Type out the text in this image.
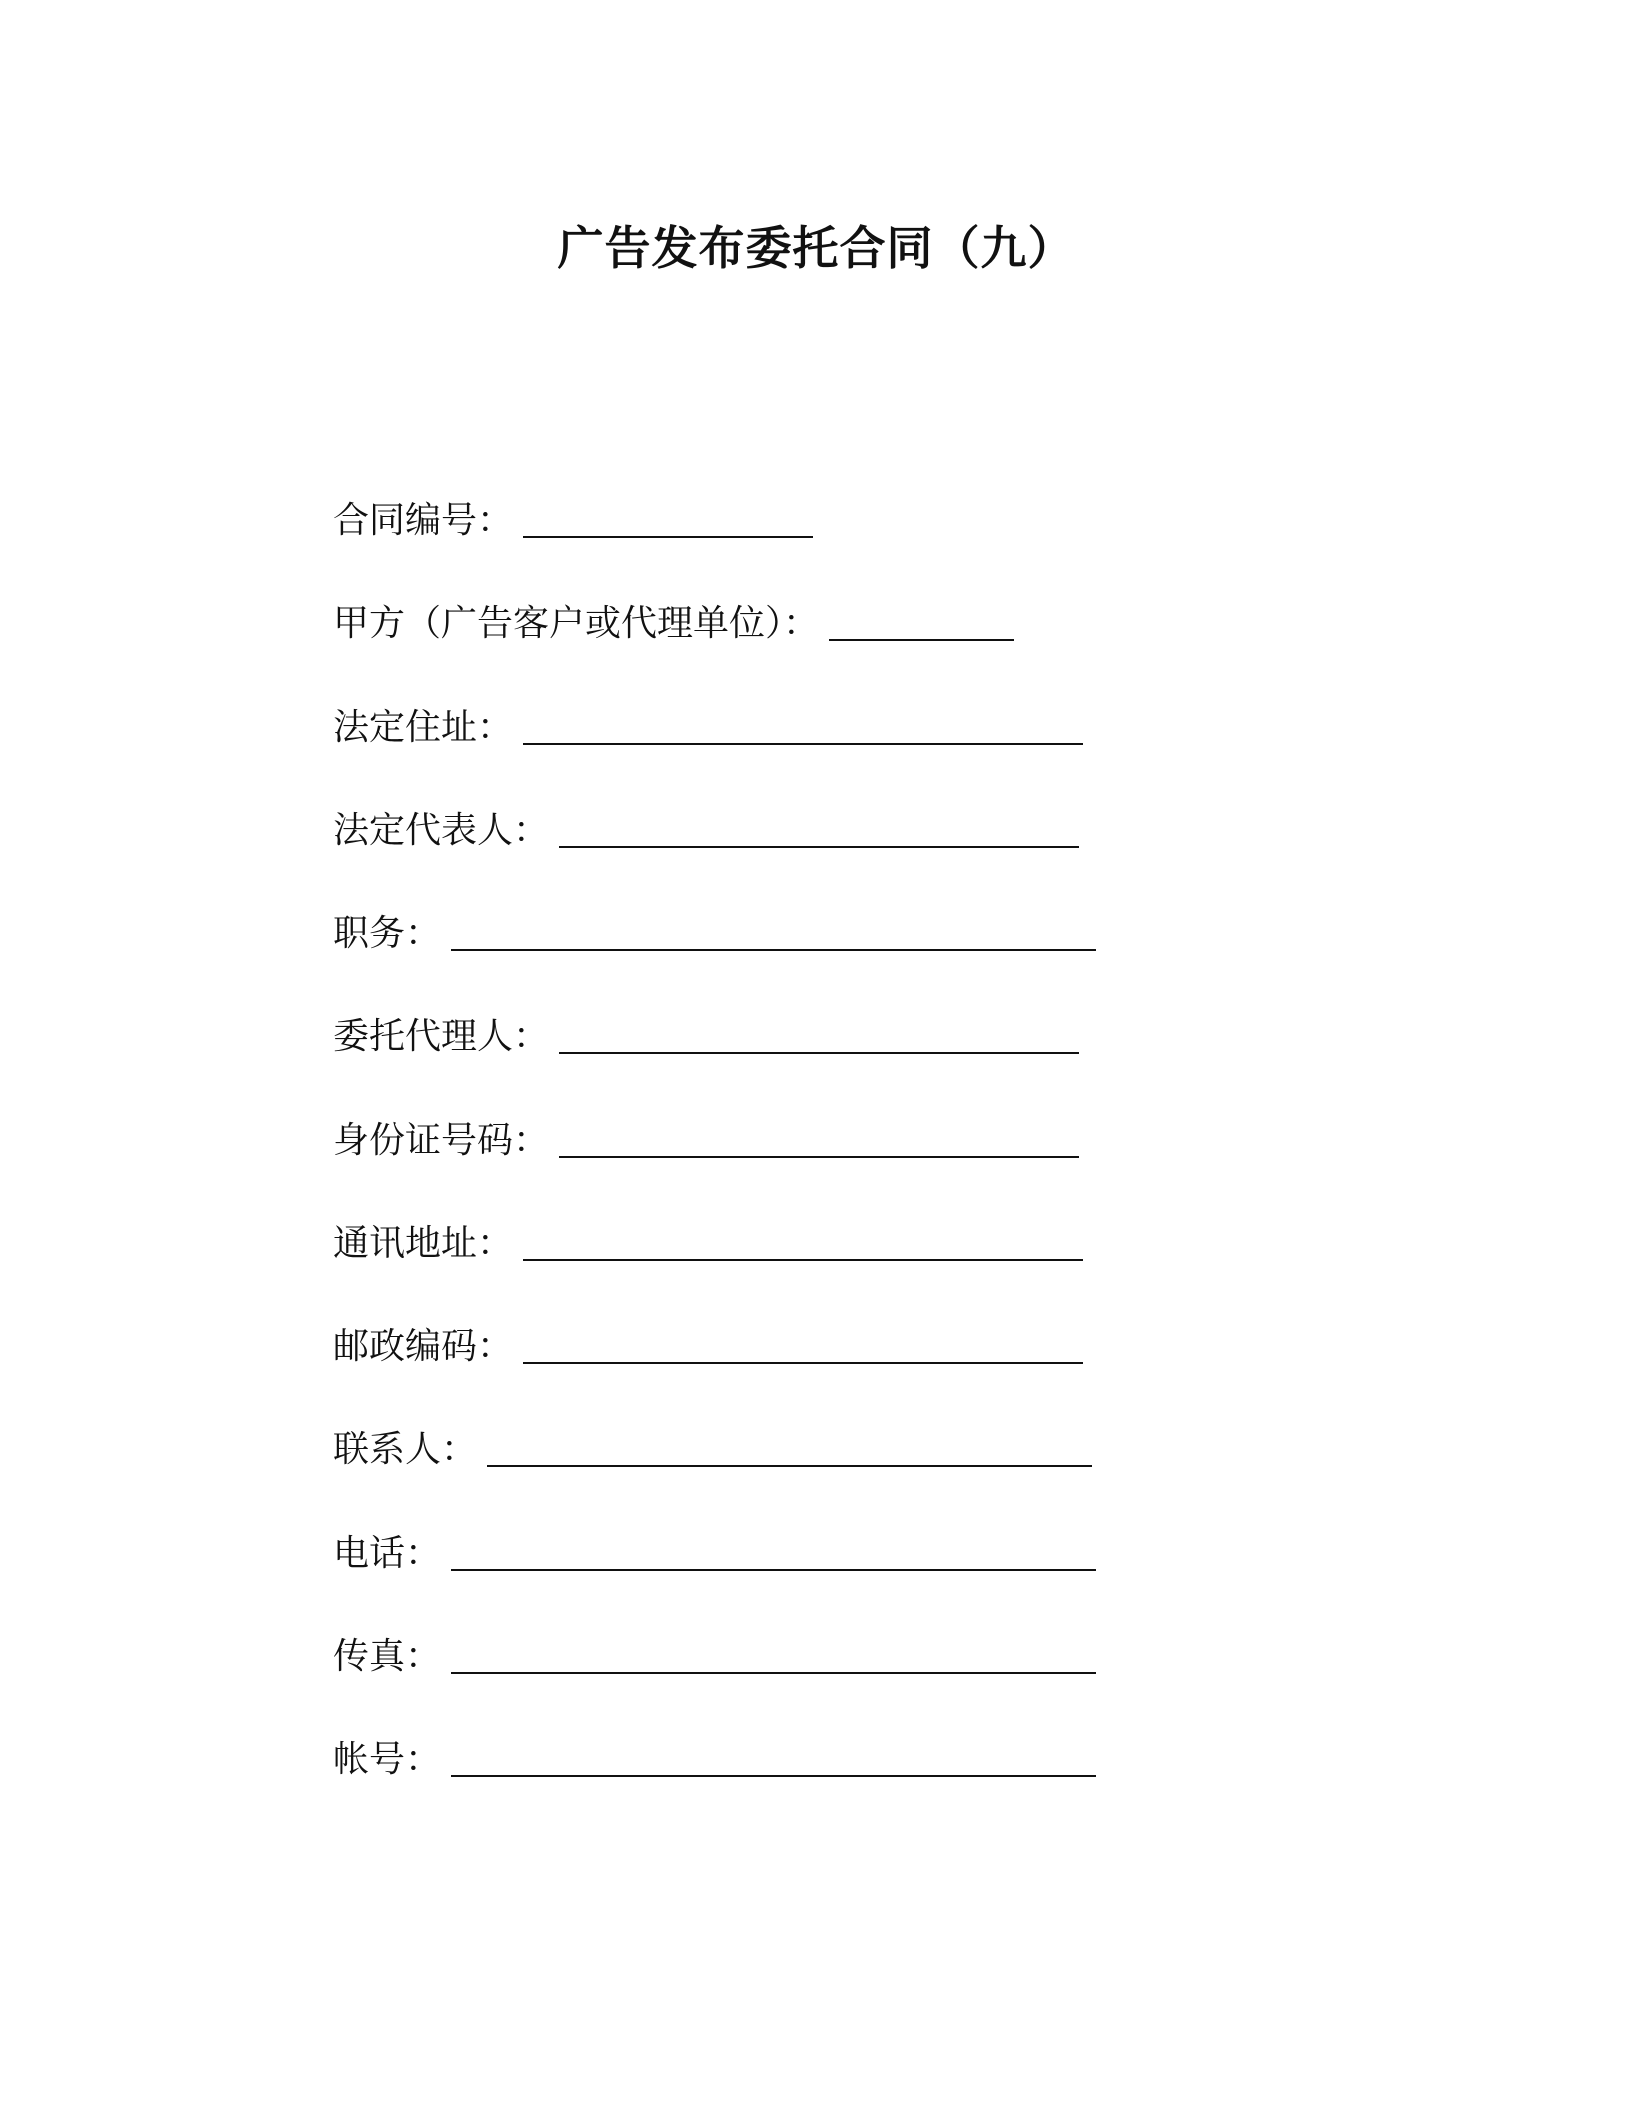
广告发布委托合同（九）
合同编号：
甲方（广告客户或代理单位）：
法定住址：
法定代表人：
职务：
委托代理人：
身份证号码：
通讯地址：
邮政编码：
联系人：
电话：
传真：
帐号：
